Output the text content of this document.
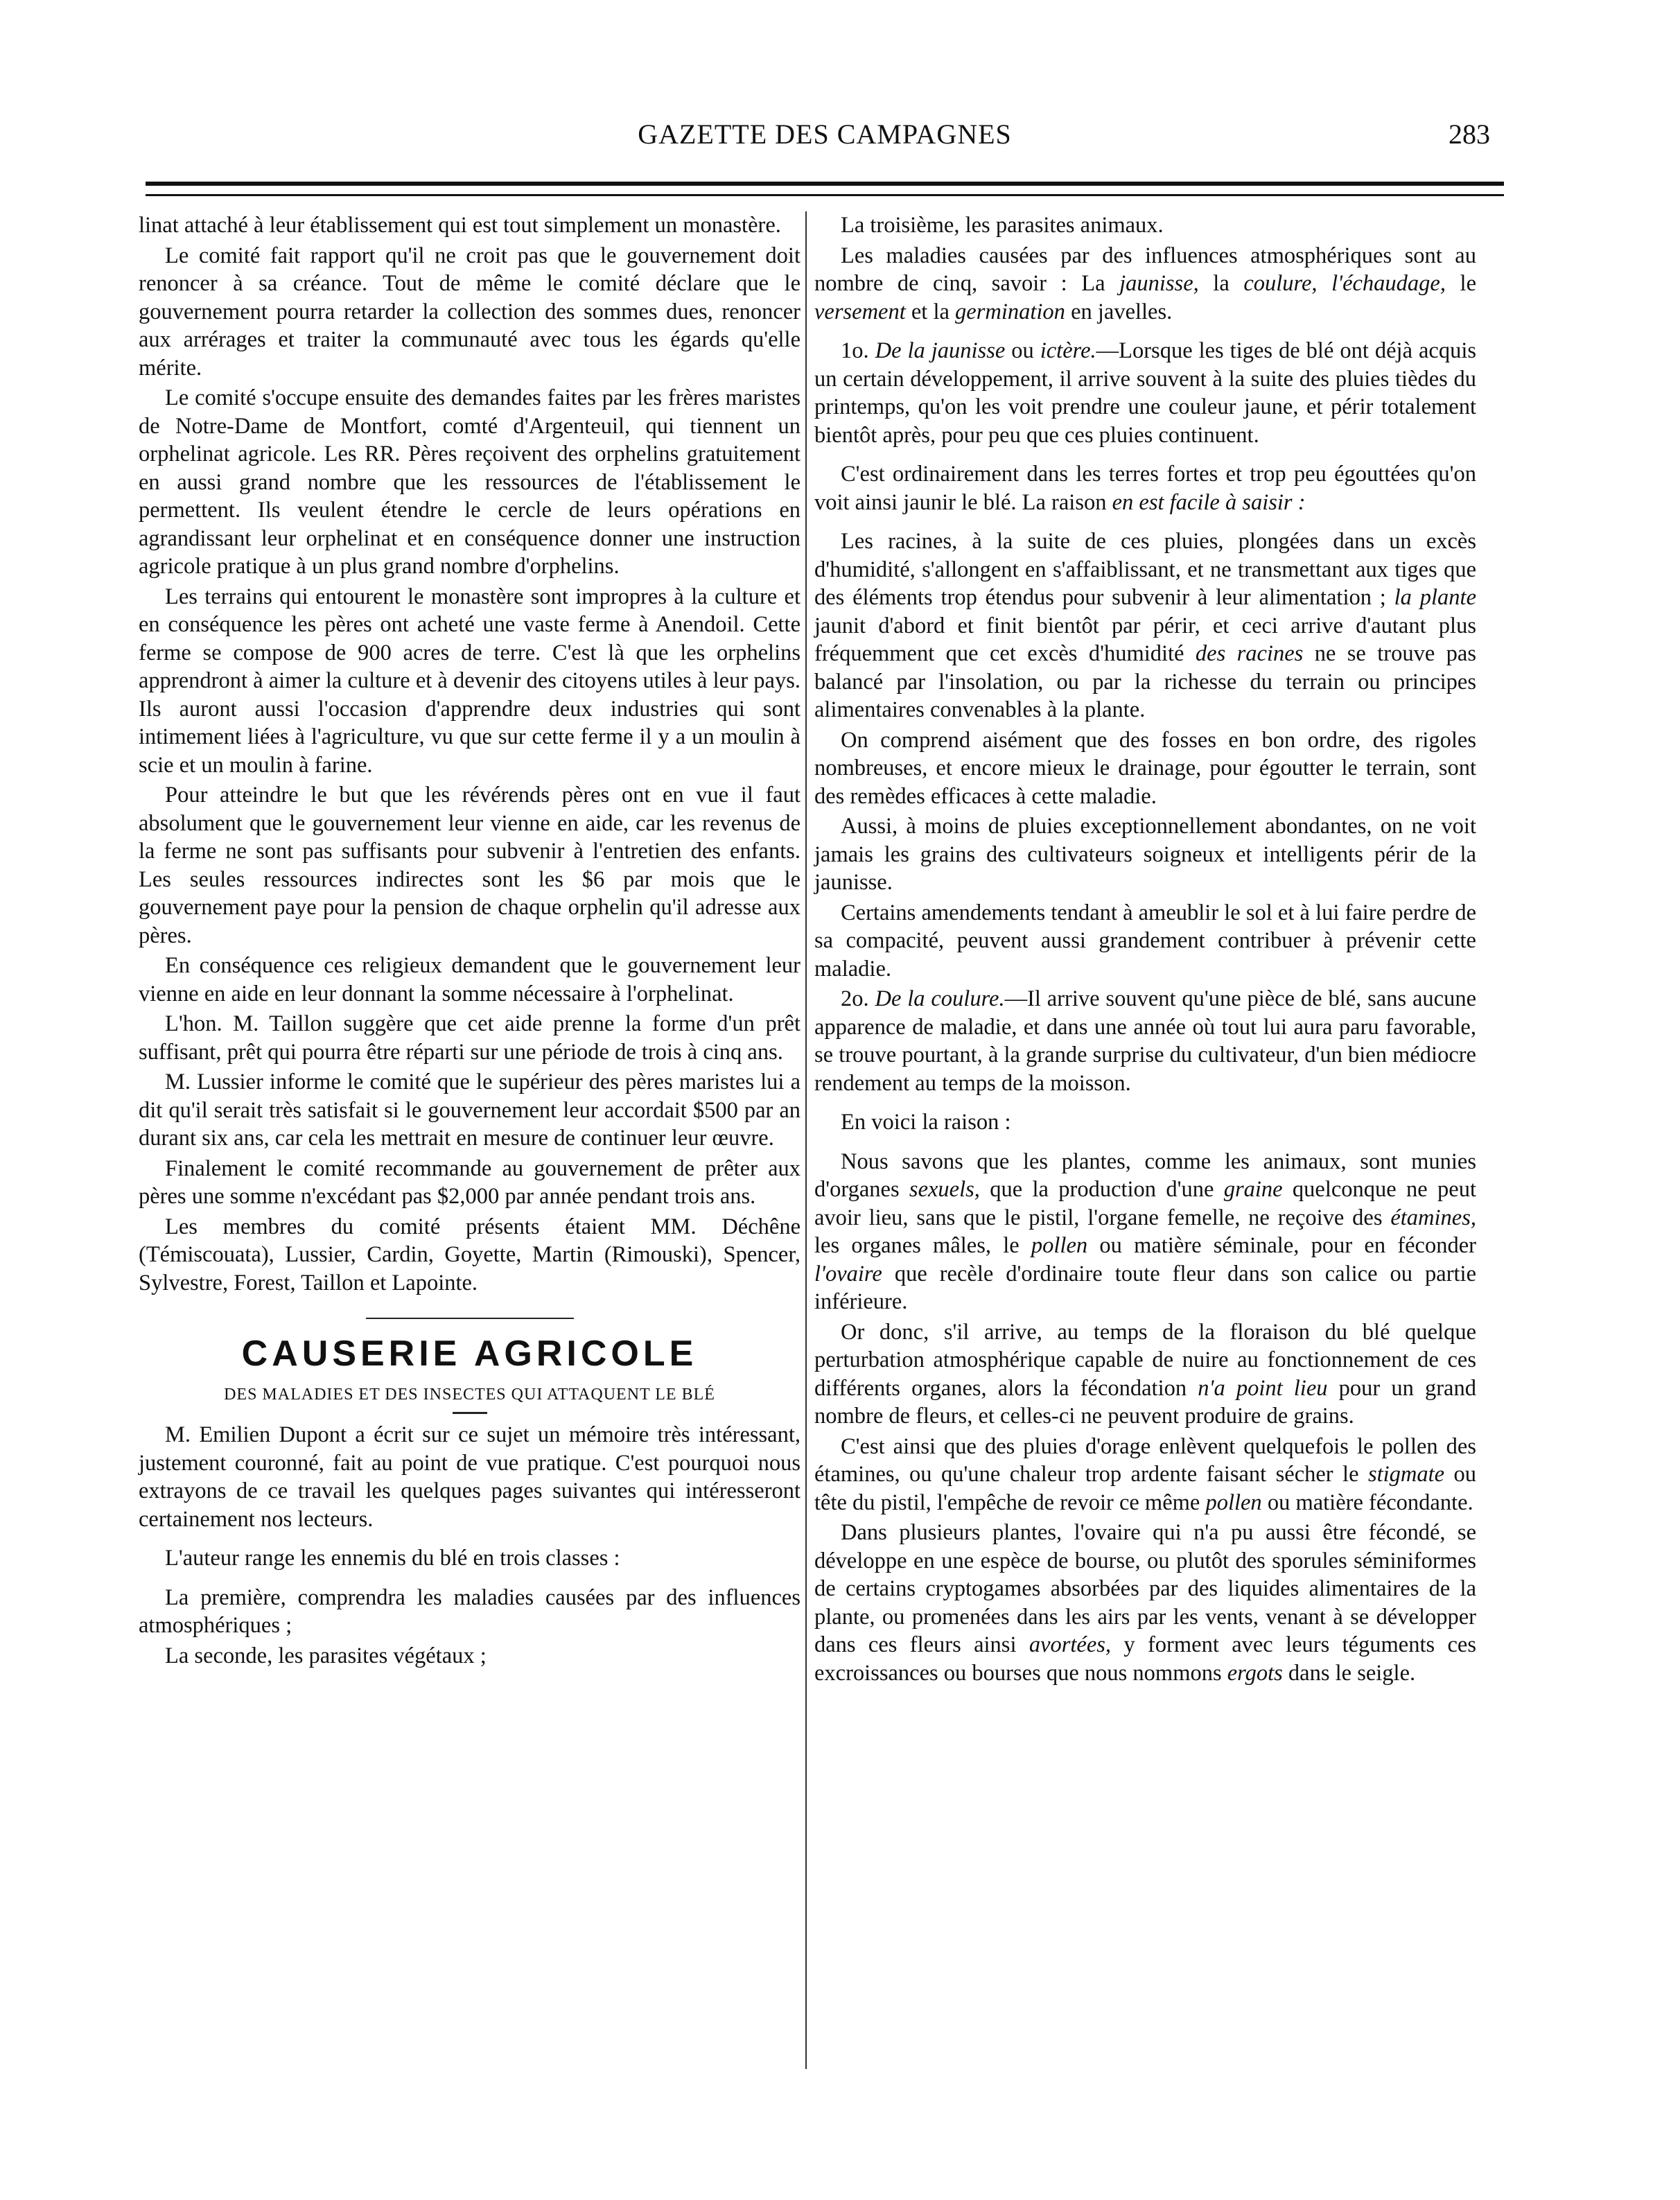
GAZETTE DES CAMPAGNES	283

linat attaché à leur établissement qui est tout simplement un monastère.

Le comité fait rapport qu'il ne croit pas que le gouvernement doit renoncer à sa créance. Tout de même le comité déclare que le gouvernement pourra retarder la collection des sommes dues, renoncer aux arrérages et traiter la communauté avec tous les égards qu'elle mérite.

Le comité s'occupe ensuite des demandes faites par les frères maristes de Notre-Dame de Montfort, comté d'Argenteuil, qui tiennent un orphelinat agricole. Les RR. Pères reçoivent des orphelins gratuitement en aussi grand nombre que les ressources de l'établissement le permettent. Ils veulent étendre le cercle de leurs opérations en agrandissant leur orphelinat et en conséquence donner une instruction agricole pratique à un plus grand nombre d'orphelins.

Les terrains qui entourent le monastère sont impropres à la culture et en conséquence les pères ont acheté une vaste ferme à Anendoil. Cette ferme se compose de 900 acres de terre. C'est là que les orphelins apprendront à aimer la culture et à devenir des citoyens utiles à leur pays. Ils auront aussi l'occasion d'apprendre deux industries qui sont intimement liées à l'agriculture, vu que sur cette ferme il y a un moulin à scie et un moulin à farine.

Pour atteindre le but que les révérends pères ont en vue il faut absolument que le gouvernement leur vienne en aide, car les revenus de la ferme ne sont pas suffisants pour subvenir à l'entretien des enfants. Les seules ressources indirectes sont les $6 par mois que le gouvernement paye pour la pension de chaque orphelin qu'il adresse aux pères.

En conséquence ces religieux demandent que le gouvernement leur vienne en aide en leur donnant la somme nécessaire à l'orphelinat.

L'hon. M. Taillon suggère que cet aide prenne la forme d'un prêt suffisant, prêt qui pourra être réparti sur une période de trois à cinq ans.

M. Lussier informe le comité que le supérieur des pères maristes lui a dit qu'il serait très satisfait si le gouvernement leur accordait $500 par an durant six ans, car cela les mettrait en mesure de continuer leur œuvre.

Finalement le comité recommande au gouvernement de prêter aux pères une somme n'excédant pas $2,000 par année pendant trois ans.

Les membres du comité présents étaient MM. Déchêne (Témiscouata), Lussier, Cardin, Goyette, Martin (Rimouski), Spencer, Sylvestre, Forest, Taillon et Lapointe.

CAUSERIE AGRICOLE
DES MALADIES ET DES INSECTES QUI ATTAQUENT LE BLÉ

M. Emilien Dupont a écrit sur ce sujet un mémoire très intéressant, justement couronné, fait au point de vue pratique. C'est pourquoi nous extrayons de ce travail les quelques pages suivantes qui intéresseront certainement nos lecteurs.

L'auteur range les ennemis du blé en trois classes :

La première, comprendra les maladies causées par des influences atmosphériques ;

La seconde, les parasites végétaux ;

La troisième, les parasites animaux.

Les maladies causées par des influences atmosphériques sont au nombre de cinq, savoir : La jaunisse, la coulure, l'échaudage, le versement et la germination en javelles.

1o. De la jaunisse ou ictère.—Lorsque les tiges de blé ont déjà acquis un certain développement, il arrive souvent à la suite des pluies tièdes du printemps, qu'on les voit prendre une couleur jaune, et périr totalement bientôt après, pour peu que ces pluies continuent.

C'est ordinairement dans les terres fortes et trop peu égouttées qu'on voit ainsi jaunir le blé. La raison en est facile à saisir :

Les racines, à la suite de ces pluies, plongées dans un excès d'humidité, s'allongent en s'affaiblissant, et ne transmettant aux tiges que des éléments trop étendus pour subvenir à leur alimentation ; la plante jaunit d'abord et finit bientôt par périr, et ceci arrive d'autant plus fréquemment que cet excès d'humidité des racines ne se trouve pas balancé par l'insolation, ou par la richesse du terrain ou principes alimentaires convenables à la plante.

On comprend aisément que des fosses en bon ordre, des rigoles nombreuses, et encore mieux le drainage, pour égoutter le terrain, sont des remèdes efficaces à cette maladie.

Aussi, à moins de pluies exceptionnellement abondantes, on ne voit jamais les grains des cultivateurs soigneux et intelligents périr de la jaunisse.

Certains amendements tendant à ameublir le sol et à lui faire perdre de sa compacité, peuvent aussi grandement contribuer à prévenir cette maladie.

2o. De la coulure.—Il arrive souvent qu'une pièce de blé, sans aucune apparence de maladie, et dans une année où tout lui aura paru favorable, se trouve pourtant, à la grande surprise du cultivateur, d'un bien médiocre rendement au temps de la moisson.

En voici la raison :

Nous savons que les plantes, comme les animaux, sont munies d'organes sexuels, que la production d'une graine quelconque ne peut avoir lieu, sans que le pistil, l'organe femelle, ne reçoive des étamines, les organes mâles, le pollen ou matière séminale, pour en féconder l'ovaire que recèle d'ordinaire toute fleur dans son calice ou partie inférieure.

Or donc, s'il arrive, au temps de la floraison du blé quelque perturbation atmosphérique capable de nuire au fonctionnement de ces différents organes, alors la fécondation n'a point lieu pour un grand nombre de fleurs, et celles-ci ne peuvent produire de grains.

C'est ainsi que des pluies d'orage enlèvent quelquefois le pollen des étamines, ou qu'une chaleur trop ardente faisant sécher le stigmate ou tête du pistil, l'empêche de revoir ce même pollen ou matière fécondante.

Dans plusieurs plantes, l'ovaire qui n'a pu aussi être fécondé, se développe en une espèce de bourse, ou plutôt des sporules séminiformes de certains cryptogames absorbées par des liquides alimentaires de la plante, ou promenées dans les airs par les vents, venant à se développer dans ces fleurs ainsi avortées, y forment avec leurs téguments ces excroissances ou bourses que nous nommons ergots dans le seigle.
